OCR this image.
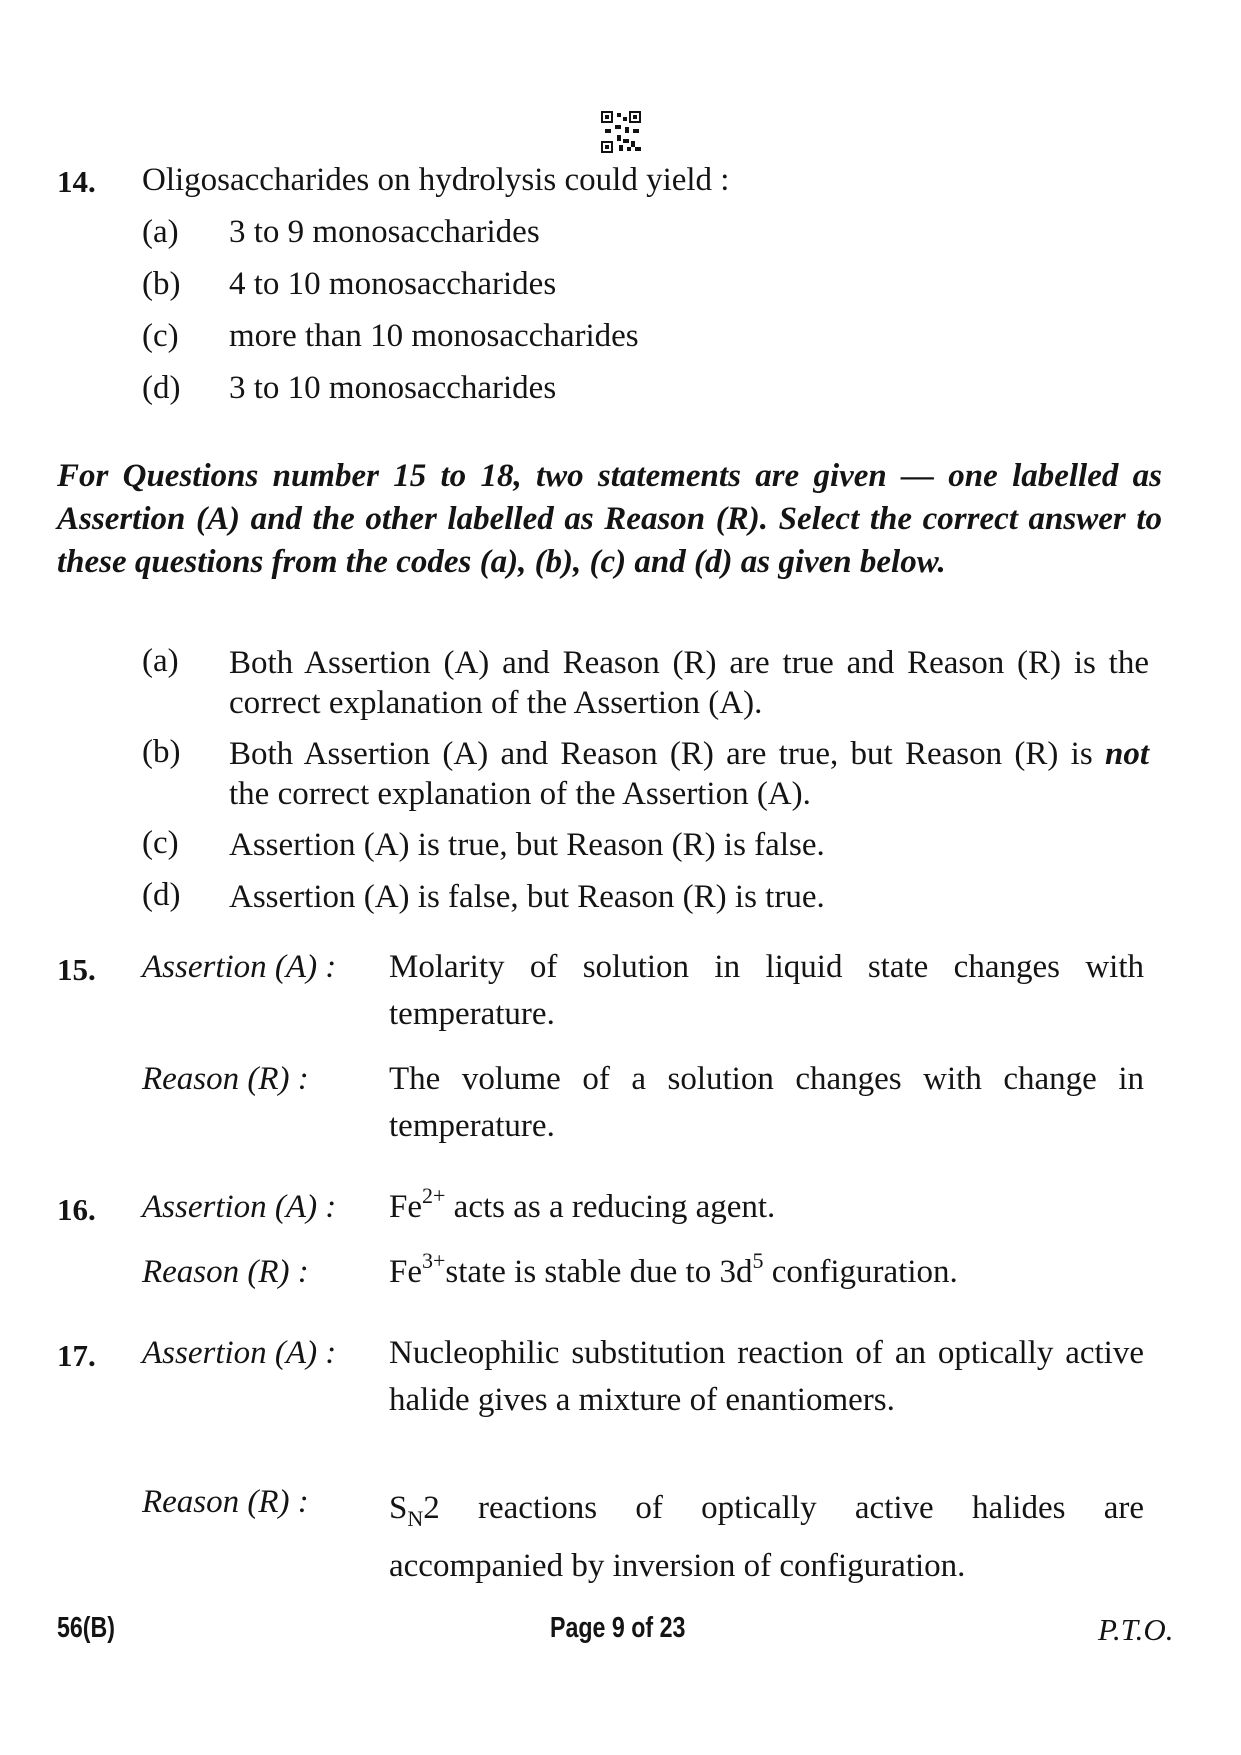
14. Oligosaccharides on hydrolysis could yield :
(a) 3 to 9 monosaccharides
(b) 4 to 10 monosaccharides
(c) more than 10 monosaccharides
(d) 3 to 10 monosaccharides
For Questions number 15 to 18, two statements are given — one labelled as Assertion (A) and the other labelled as Reason (R). Select the correct answer to these questions from the codes (a), (b), (c) and (d) as given below.
(a) Both Assertion (A) and Reason (R) are true and Reason (R) is the correct explanation of the Assertion (A).
(b) Both Assertion (A) and Reason (R) are true, but Reason (R) is not the correct explanation of the Assertion (A).
(c) Assertion (A) is true, but Reason (R) is false.
(d) Assertion (A) is false, but Reason (R) is true.
15. Assertion (A) : Molarity of solution in liquid state changes with temperature.
Reason (R) : The volume of a solution changes with change in temperature.
16. Assertion (A) : $Fe^{2+}$ acts as a reducing agent.
Reason (R) : $Fe^{3+}state$ is stable due to $3d^5$ configuration.
17. Assertion (A) : Nucleophilic substitution reaction of an optically active halide gives a mixture of enantiomers.
Reason (R) : $S_N2$ reactions of optically active halides are accompanied by inversion of configuration.
56(B)	Page 9 of 23	P.T.O.
